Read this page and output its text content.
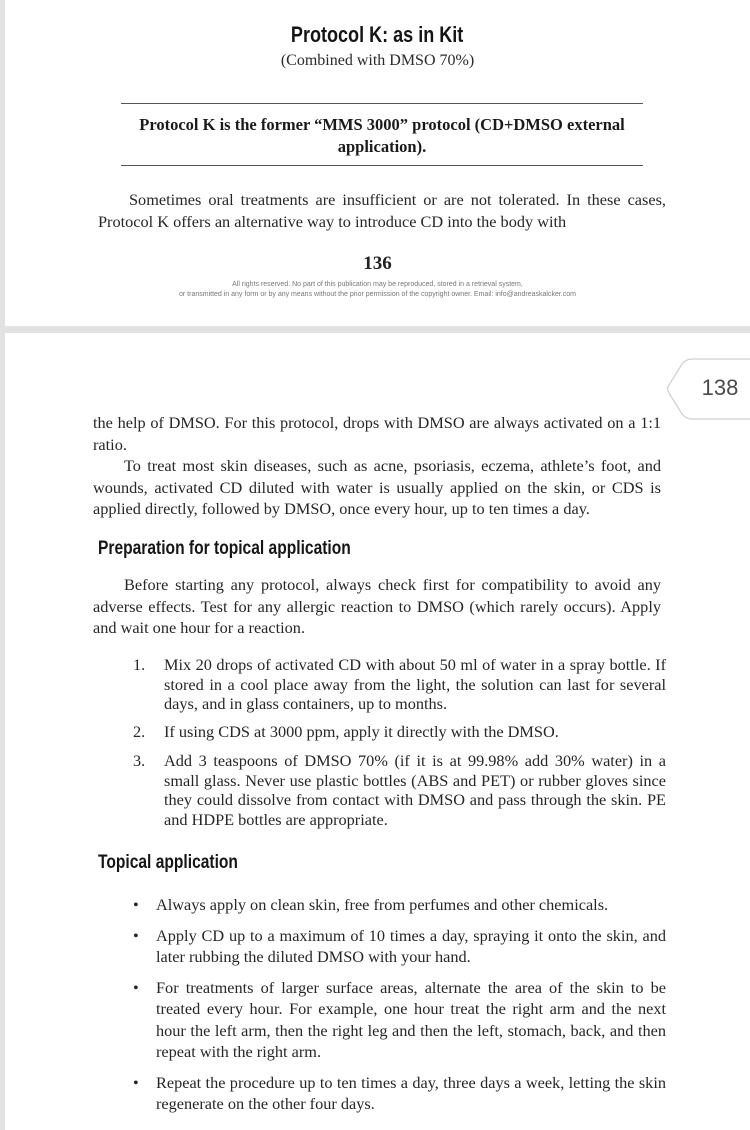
Protocol K: as in Kit
(Combined with DMSO 70%)
Protocol K is the former “MMS 3000” protocol (CD+DMSO external application).
Sometimes oral treatments are insufficient or are not tolerated. In these cases, Protocol K offers an alternative way to introduce CD into the body with
136
All rights reserved. No part of this publication may be reproduced, stored in a retrieval system,
or transmitted in any form or by any means without the prior permission of the copyright owner. Email: info@andreaskalcker.com
138
the help of DMSO. For this protocol, drops with DMSO are always activated on a 1:1 ratio.
To treat most skin diseases, such as acne, psoriasis, eczema, athlete’s foot, and wounds, activated CD diluted with water is usually applied on the skin, or CDS is applied directly, followed by DMSO, once every hour, up to ten times a day.
Preparation for topical application
Before starting any protocol, always check first for compatibility to avoid any adverse effects. Test for any allergic reaction to DMSO (which rarely occurs). Apply and wait one hour for a reaction.
1. Mix 20 drops of activated CD with about 50 ml of water in a spray bottle. If stored in a cool place away from the light, the solution can last for several days, and in glass containers, up to months.
2. If using CDS at 3000 ppm, apply it directly with the DMSO.
3. Add 3 teaspoons of DMSO 70% (if it is at 99.98% add 30% water) in a small glass. Never use plastic bottles (ABS and PET) or rubber gloves since they could dissolve from contact with DMSO and pass through the skin. PE and HDPE bottles are appropriate.
Topical application
• Always apply on clean skin, free from perfumes and other chemicals.
• Apply CD up to a maximum of 10 times a day, spraying it onto the skin, and later rubbing the diluted DMSO with your hand.
• For treatments of larger surface areas, alternate the area of the skin to be treated every hour. For example, one hour treat the right arm and the next hour the left arm, then the right leg and then the left, stomach, back, and then repeat with the right arm.
• Repeat the procedure up to ten times a day, three days a week, letting the skin regenerate on the other four days.
